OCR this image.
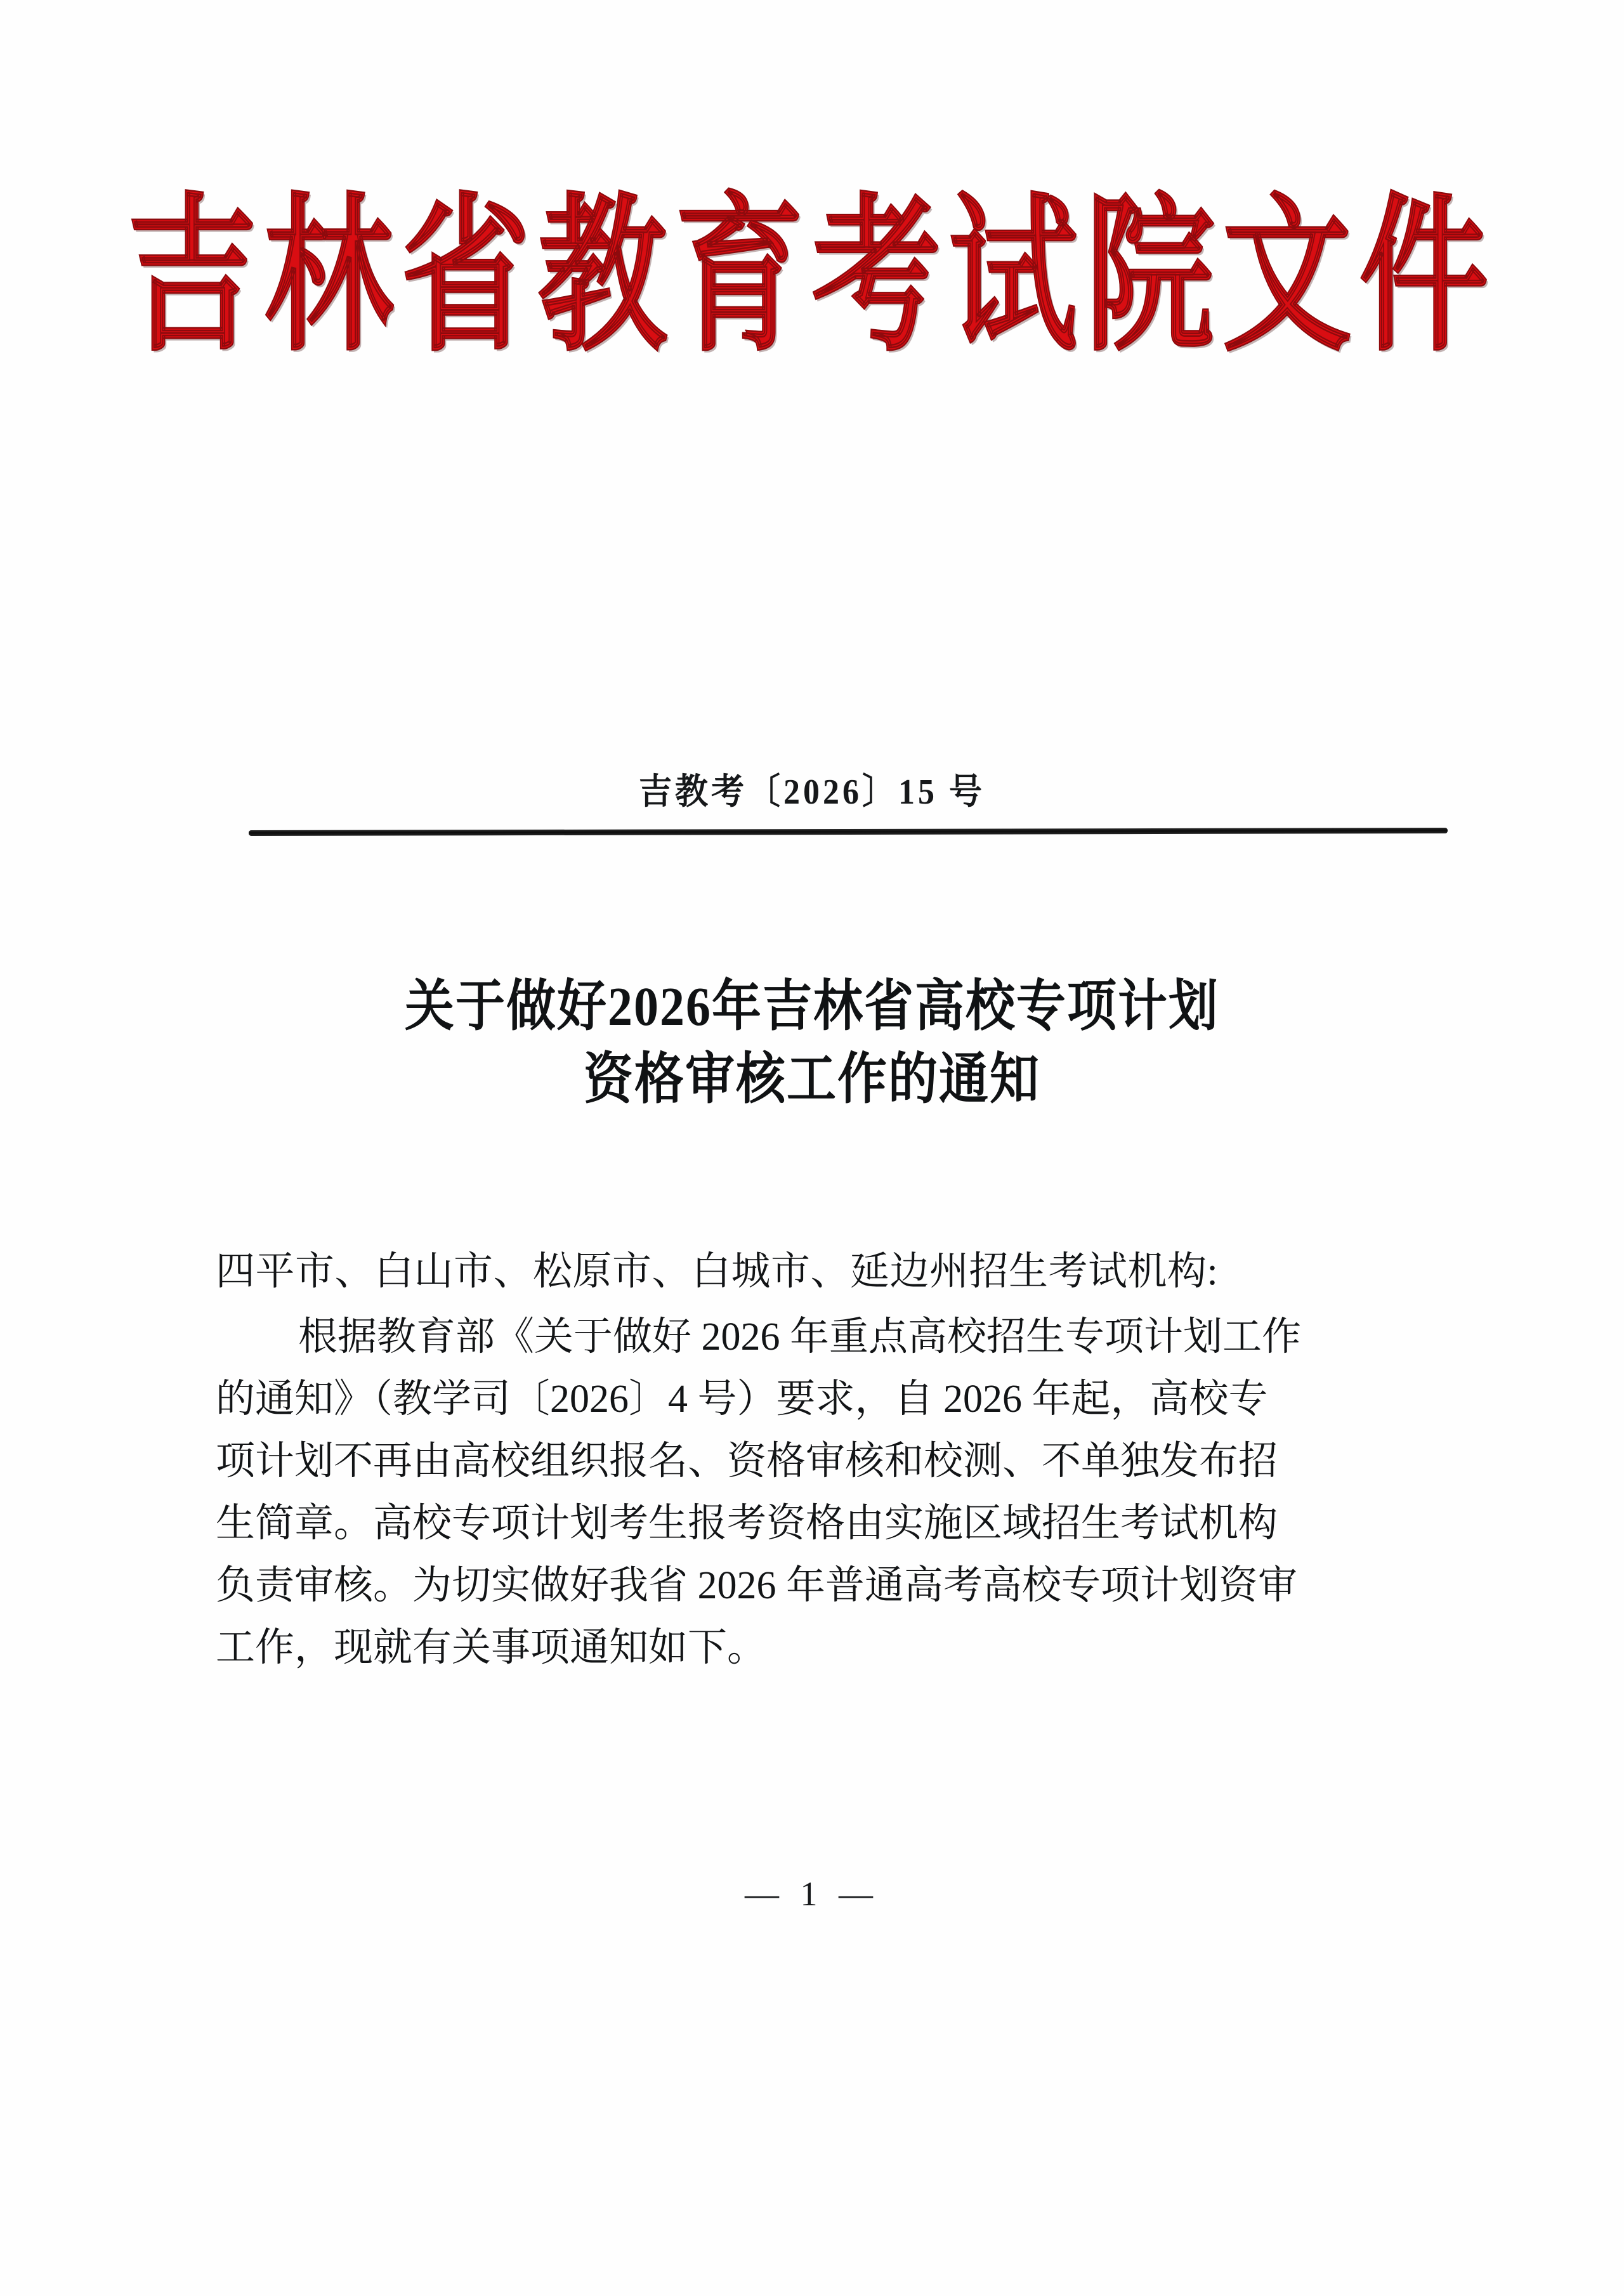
吉林省教育考试院文件
吉教考〔2026〕15 号
关于做好2026年吉林省高校专项计划
资格审核工作的通知
四平市、白山市、松原市、白城市、延边州招生考试机构:
根据教育部《关于做好 2026 年重点高校招生专项计划工作
的通知》（教学司〔2026〕4 号）要求，自 2026 年起，高校专
项计划不再由高校组织报名、资格审核和校测、不单独发布招
生简章。高校专项计划考生报考资格由实施区域招生考试机构
负责审核。为切实做好我省 2026 年普通高考高校专项计划资审
工作，现就有关事项通知如下。
— 1 —
